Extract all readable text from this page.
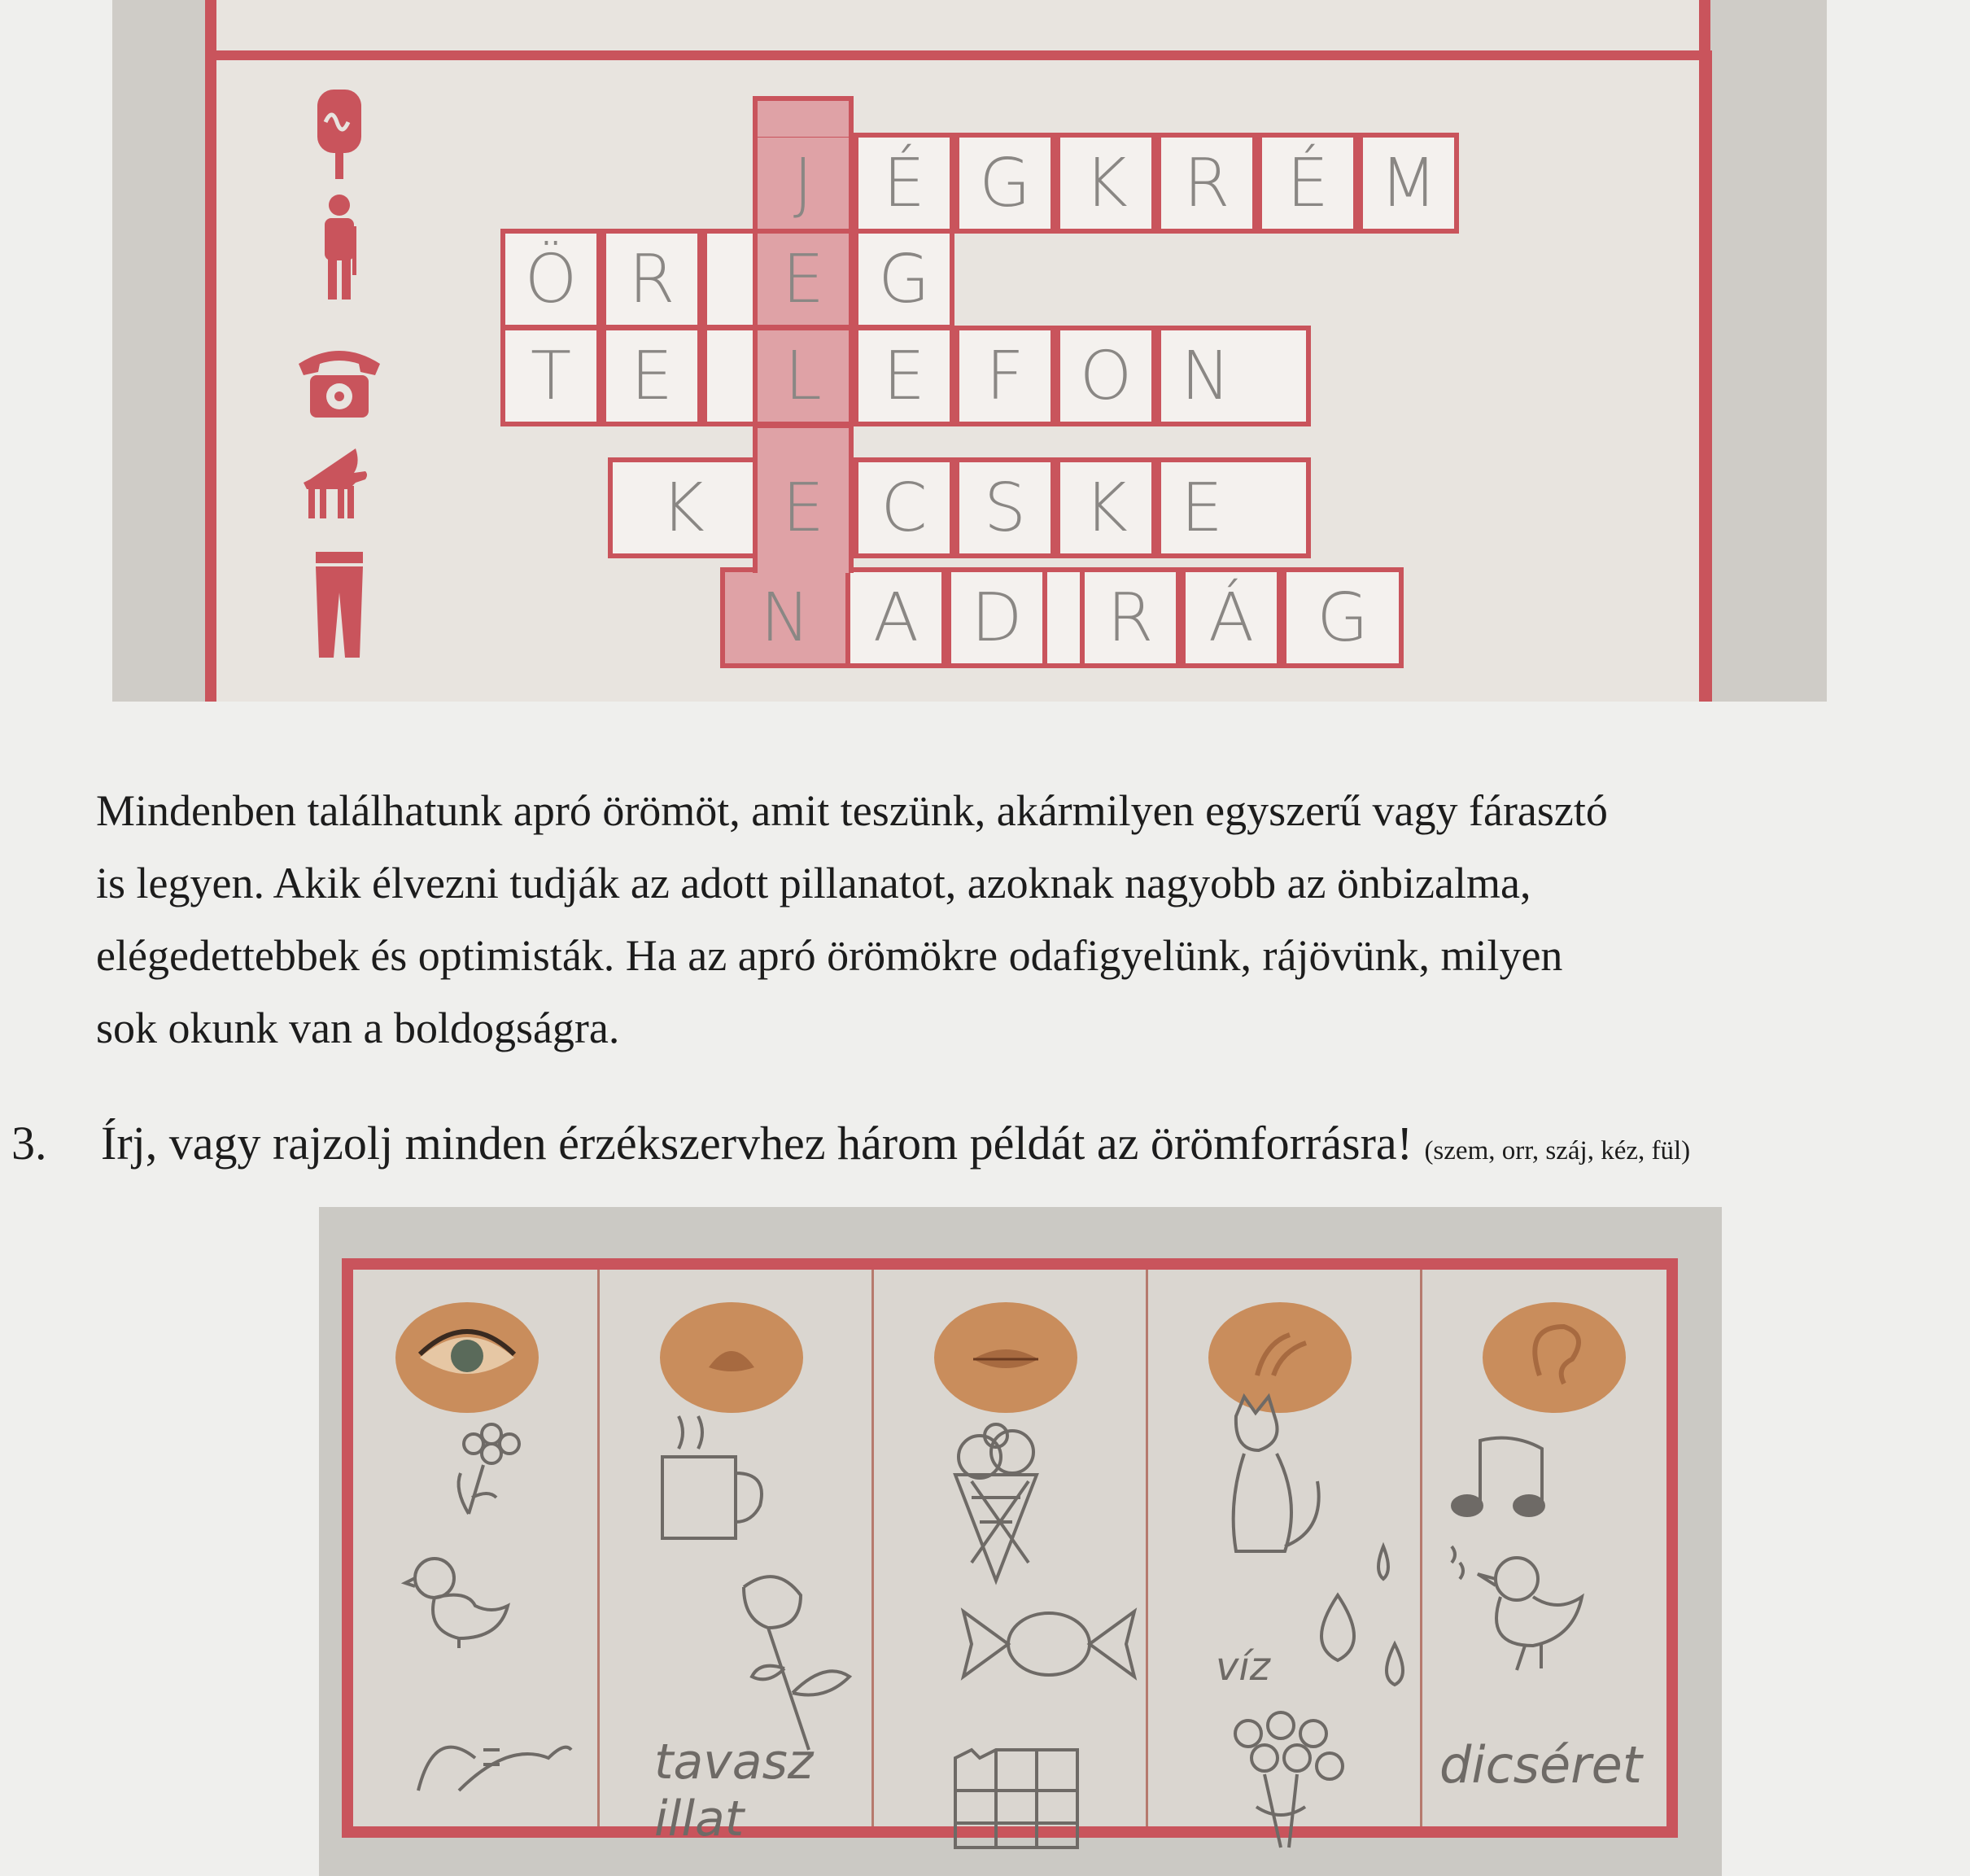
J	É G K R É M
Ö R	E G
T E	L E F O N
K	E C S K E
N A D	R Á G
Mindenben találhatunk apró örömöt, amit teszünk, akármilyen egyszerű vagy fárasztó
is legyen. Akik élvezni tudják az adott pillanatot, azoknak nagyobb az önbizalma,
elégedettebbek és optimisták. Ha az apró örömökre odafigyelünk, rájövünk, milyen
sok okunk van a boldogságra.
3. Írj, vagy rajzolj minden érzékszervhez három példát az örömforrásra! (szem, orr, száj, kéz, fül)
tavasz illat
víz
dicséret
